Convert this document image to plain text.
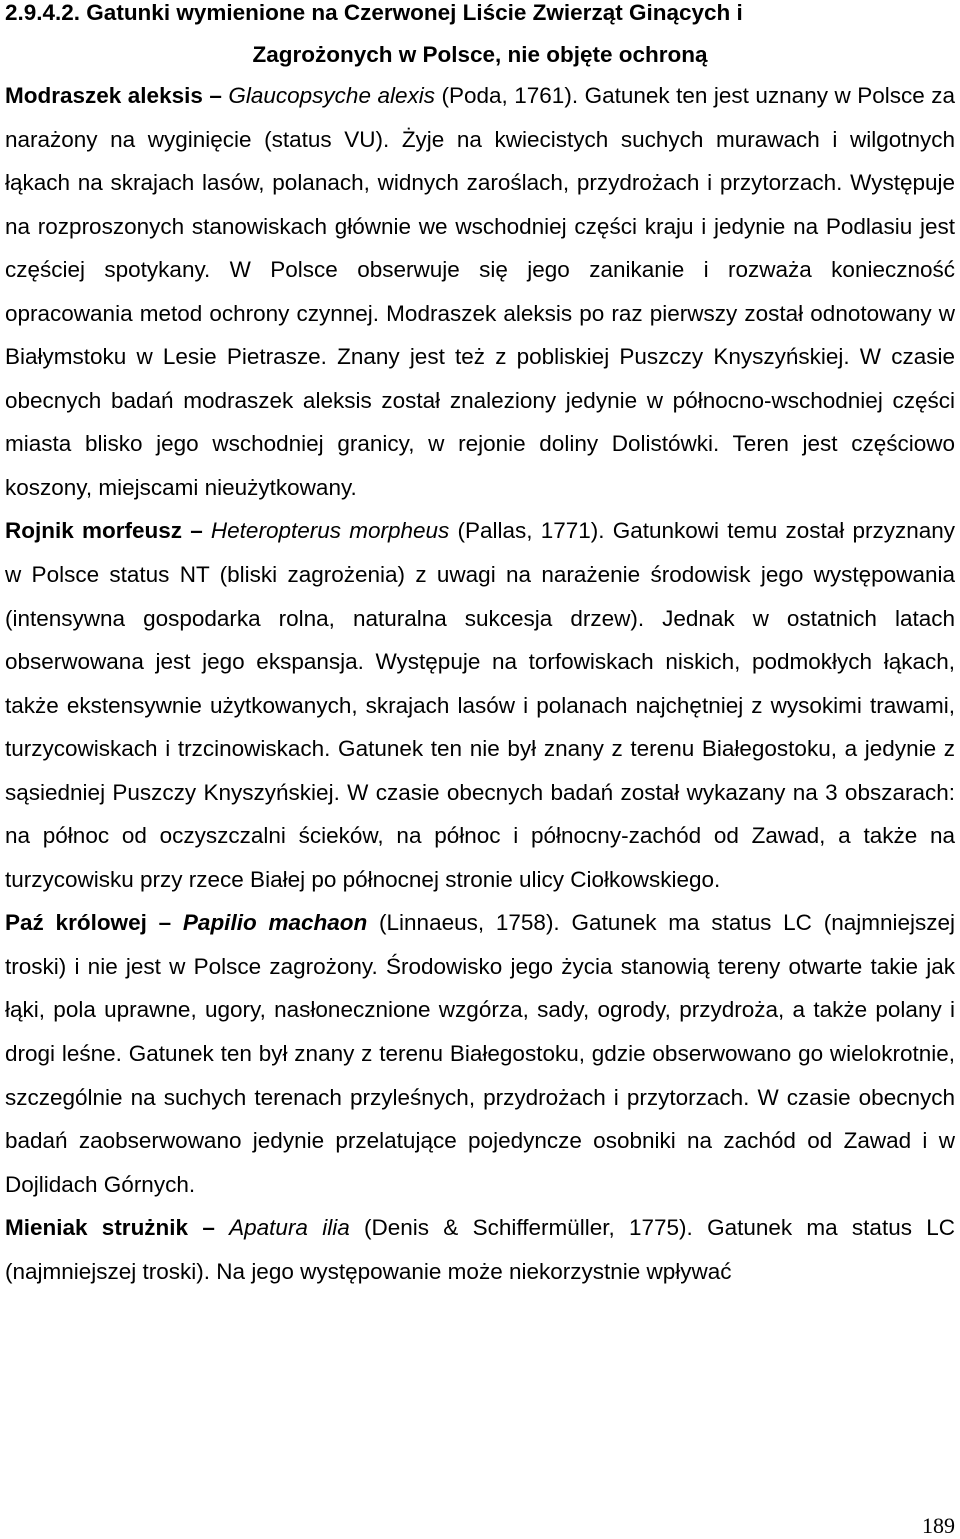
2.9.4.2. Gatunki wymienione na Czerwonej Liście Zwierząt Ginących i
Zagrożonych w Polsce, nie objęte ochroną

Modraszek aleksis – Glaucopsyche alexis (Poda, 1761). Gatunek ten jest uznany w Polsce za narażony na wyginięcie (status VU). Żyje na kwiecistych suchych murawach i wilgotnych łąkach na skrajach lasów, polanach, widnych zaroślach, przydrożach i przytorzach. Występuje na rozproszonych stanowiskach głównie we wschodniej części kraju i jedynie na Podlasiu jest częściej spotykany. W Polsce obserwuje się jego zanikanie i rozważa konieczność opracowania metod ochrony czynnej. Modraszek aleksis po raz pierwszy został odnotowany w Białymstoku w Lesie Pietrasze. Znany jest też z pobliskiej Puszczy Knyszyńskiej. W czasie obecnych badań modraszek aleksis został znaleziony jedynie w północno-wschodniej części miasta blisko jego wschodniej granicy, w rejonie doliny Dolistówki. Teren jest częściowo koszony, miejscami nieużytkowany.

Rojnik morfeusz – Heteropterus morpheus (Pallas, 1771). Gatunkowi temu został przyznany w Polsce status NT (bliski zagrożenia) z uwagi na narażenie środowisk jego występowania (intensywna gospodarka rolna, naturalna sukcesja drzew). Jednak w ostatnich latach obserwowana jest jego ekspansja. Występuje na torfowiskach niskich, podmokłych łąkach, także ekstensywnie użytkowanych, skrajach lasów i polanach najchętniej z wysokimi trawami, turzycowiskach i trzcinowiskach. Gatunek ten nie był znany z terenu Białegostoku, a jedynie z sąsiedniej Puszczy Knyszyńskiej. W czasie obecnych badań został wykazany na 3 obszarach: na północ od oczyszczalni ścieków, na północ i północny-zachód od Zawad, a także na turzycowisku przy rzece Białej po północnej stronie ulicy Ciołkowskiego.

Paź królowej – Papilio machaon (Linnaeus, 1758). Gatunek ma status LC (najmniejszej troski) i nie jest w Polsce zagrożony. Środowisko jego życia stanowią tereny otwarte takie jak łąki, pola uprawne, ugory, nasłonecznione wzgórza, sady, ogrody, przydroża, a także polany i drogi leśne. Gatunek ten był znany z terenu Białegostoku, gdzie obserwowano go wielokrotnie, szczególnie na suchych terenach przyleśnych, przydrożach i przytorzach. W czasie obecnych badań zaobserwowano jedynie przelatujące pojedyncze osobniki na zachód od Zawad i w Dojlidach Górnych.

Mieniak strużnik – Apatura ilia (Denis & Schiffermüller, 1775). Gatunek ma status LC (najmniejszej troski). Na jego występowanie może niekorzystnie wpływać

189
